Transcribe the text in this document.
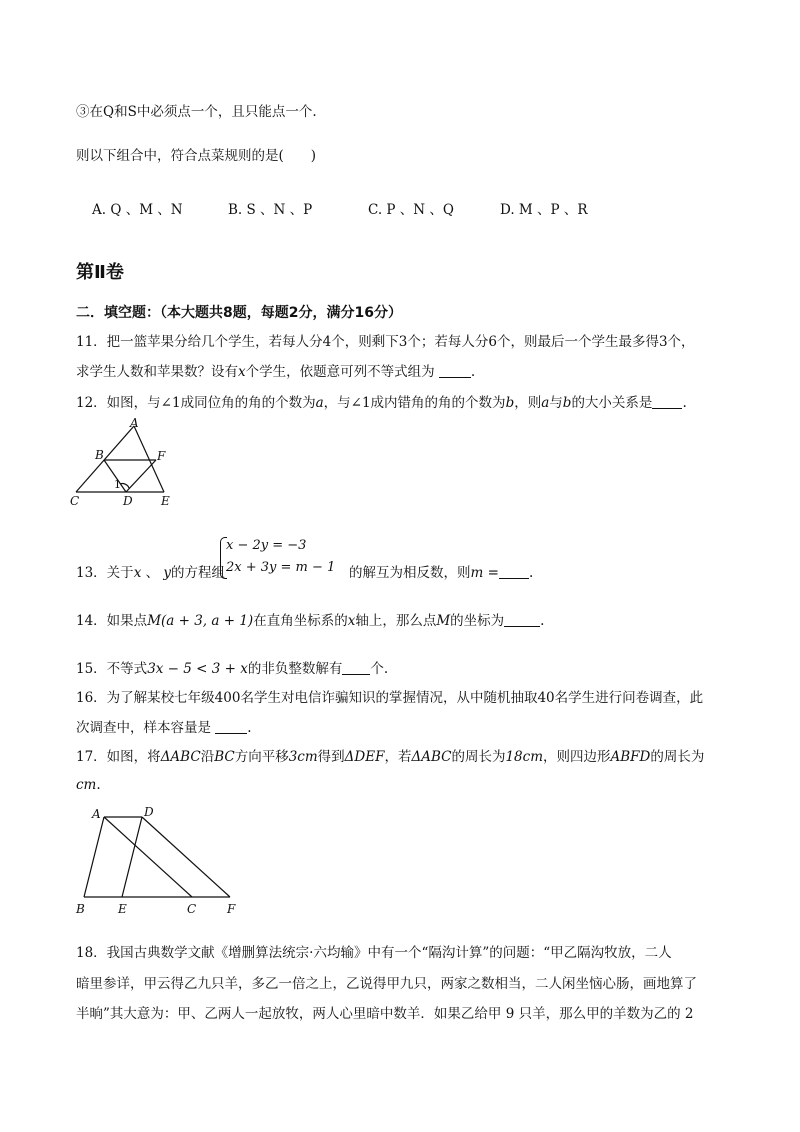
③在Q和S中必须点一个，且只能点一个.
则以下组合中，符合点菜规则的是(　　)
A. Q 、M 、N	B. S 、N 、P	C. P 、N 、Q	D. M 、P 、R
第Ⅱ卷
二．填空题：（本大题共8题，每题2分，满分16分）
11．把一篮苹果分给几个学生，若每人分4个，则剩下3个；若每人分6个，则最后一个学生最多得3个，
求学生人数和苹果数？设有x个学生，依题意可列不等式组为	.
12．如图，与∠1成同位角的角的个数为a，与∠1成内错角的角的个数为b，则a与b的大小关系是 .
A
B	F
C	D E
1
x − 2y = −3
2x + 3y = m − 1
13．关于x 、 y的方程组	的解互为相反数，则m = .
14．如果点M(a + 3, a + 1)在直角坐标系的x轴上，那么点M的坐标为	.
15．不等式3x − 5 < 3 + x的非负整数解有 个.
16．为了解某校七年级400名学生对电信诈骗知识的掌握情况，从中随机抽取40名学生进行问卷调查，此
次调查中，样本容量是	.
17．如图，将ΔABC沿BC方向平移3cm得到ΔDEF，若ΔABC的周长为18cm，则四边形ABFD的周长为
cm.
A	D
B	E	C	F
18．我国古典数学文献《增删算法统宗·六均输》中有一个“隔沟计算”的问题：“甲乙隔沟牧放，二人
暗里参详，甲云得乙九只羊，多乙一倍之上，乙说得甲九只，两家之数相当，二人闲坐恼心肠，画地算了
半晌”其大意为：甲、乙两人一起放牧，两人心里暗中数羊．如果乙给甲 9 只羊，那么甲的羊数为乙的 2
